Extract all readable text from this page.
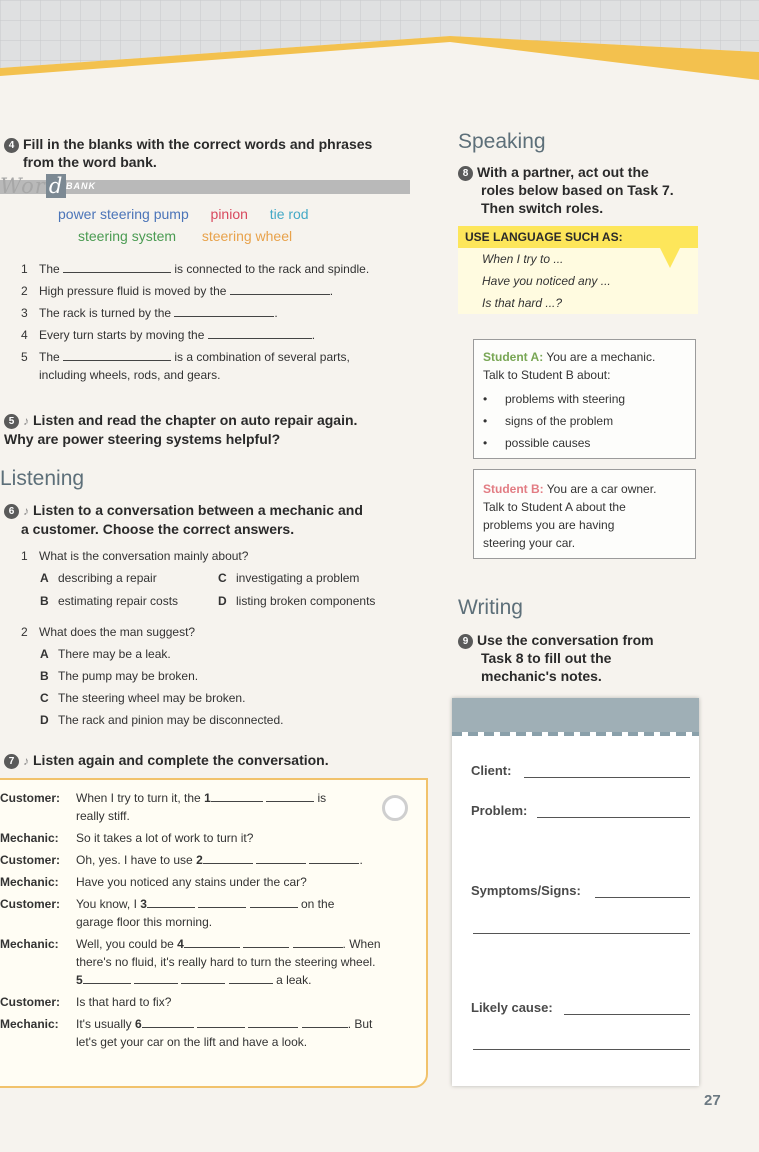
4 Fill in the blanks with the correct words and phrases
from the word bank.
Wor d BANK
power steering pump pinion tie rod
steering system steering wheel
1 The	is connected to the rack and spindle.
2 High pressure fluid is moved by the	.
3 The rack is turned by the	.
4 Every turn starts by moving the	.
5 The	is a combination of several parts,
including wheels, rods, and gears.
5 ♪ Listen and read the chapter on auto repair again.
Why are power steering systems helpful?
Listening
6 ♪ Listen to a conversation between a mechanic and
a customer. Choose the correct answers.
1 What is the conversation mainly about?
A describing a repair	C investigating a problem
B estimating repair costs	D listing broken components
2 What does the man suggest?
A There may be a leak.
B The pump may be broken.
C The steering wheel may be broken.
D The rack and pinion may be disconnected.
7 ♪ Listen again and complete the conversation.
Customer: When I try to turn it, the 1	is
really stiff.
Mechanic: So it takes a lot of work to turn it?
Customer: Oh, yes. I have to use 2	.
Mechanic: Have you noticed any stains under the car?
Customer: You know, I 3	on the
garage floor this morning.
Mechanic: Well, you could be 4	. When
there's no fluid, it's really hard to turn the steering wheel.
5	a leak.
Customer: Is that hard to fix?
Mechanic: It's usually 6	. But
let's get your car on the lift and have a look.
Speaking
8 With a partner, act out the
roles below based on Task 7.
Then switch roles.
USE LANGUAGE SUCH AS:
When I try to ...
Have you noticed any ...
Is that hard ...?
Student A: You are a mechanic.
Talk to Student B about:
• problems with steering
• signs of the problem
• possible causes
Student B: You are a car owner.
Talk to Student A about the
problems you are having
steering your car.
Writing
9 Use the conversation from
Task 8 to fill out the
mechanic's notes.
Client:
Problem:
Symptoms/Signs:
Likely cause:
27
